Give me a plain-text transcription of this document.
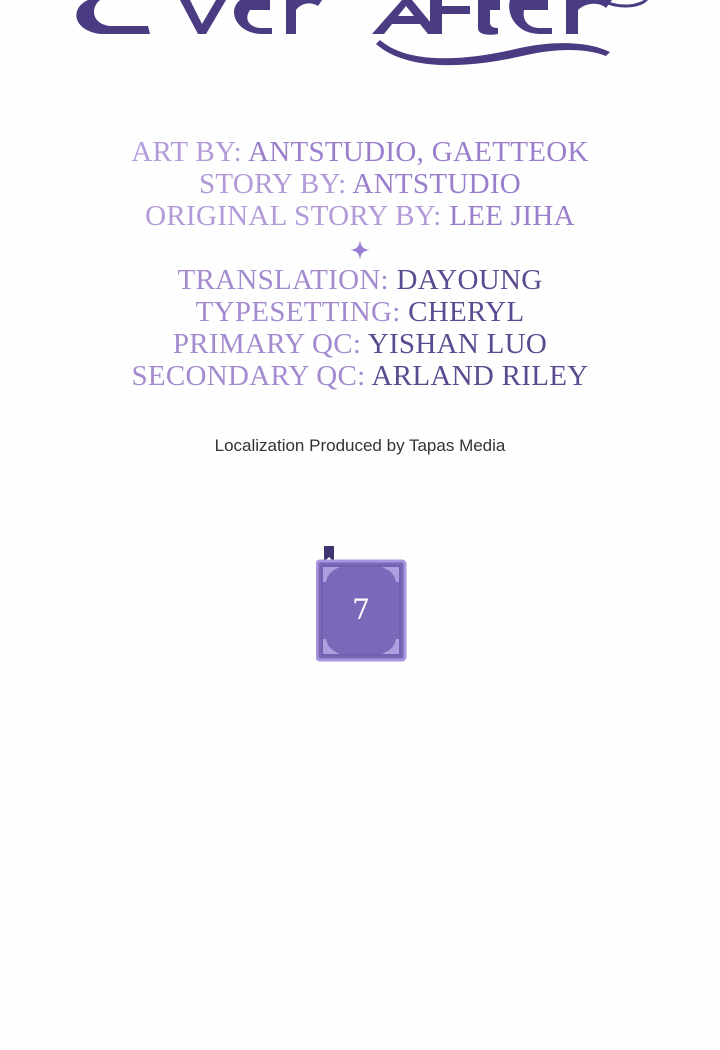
ART BY: ANTSTUDIO, GAETTEOK
STORY BY: ANTSTUDIO
ORIGINAL STORY BY: LEE JIHA
TRANSLATION: DAYOUNG
TYPESETTING: CHERYL
PRIMARY QC: YISHAN LUO
SECONDARY QC: ARLAND RILEY
Localization Produced by Tapas Media
7
